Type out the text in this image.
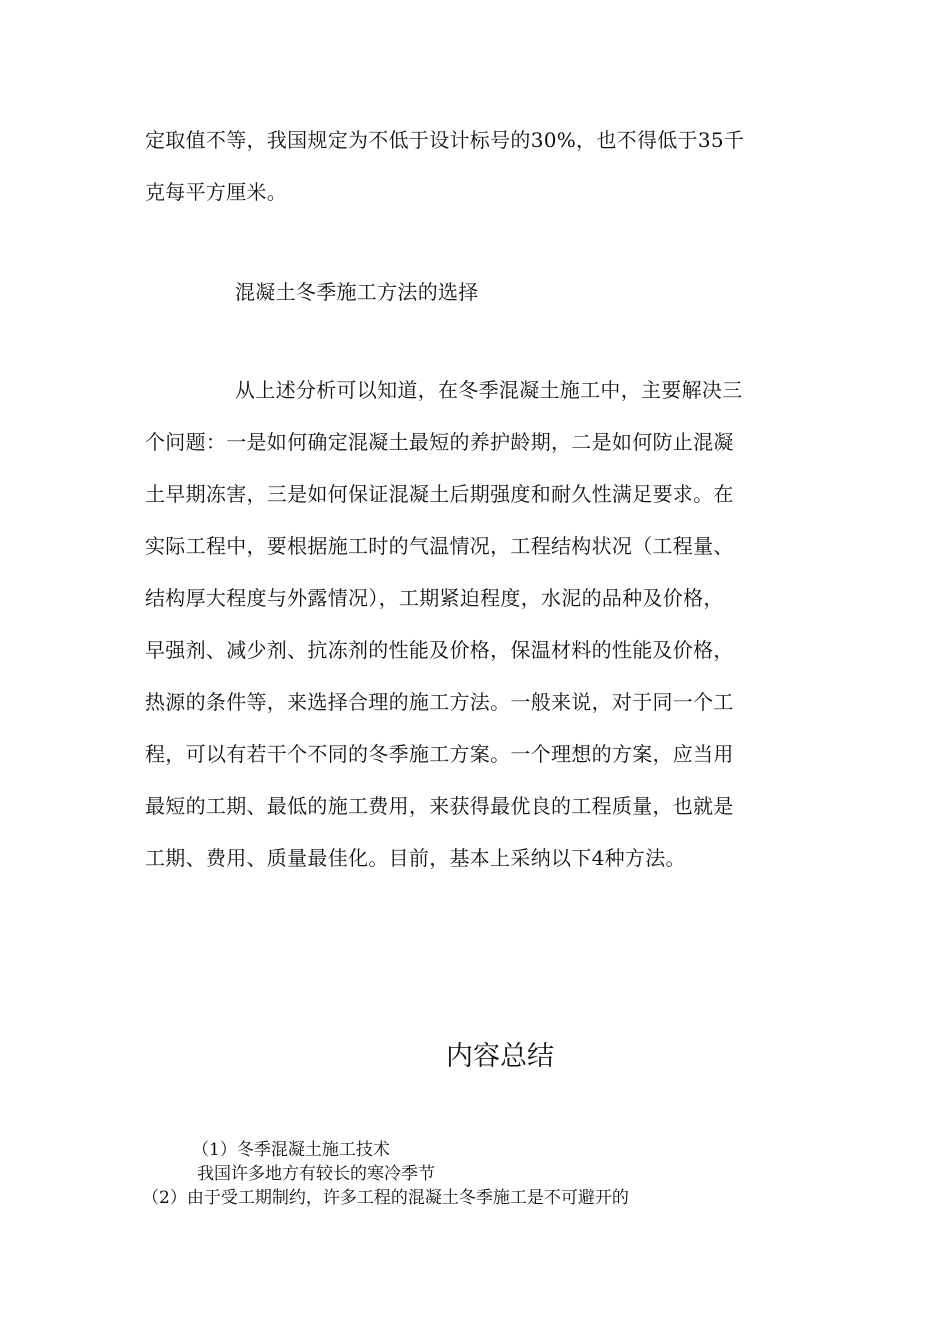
定取值不等，我国规定为不低于设计标号的30%，也不得低于35千
克每平方厘米。
混凝土冬季施工方法的选择
从上述分析可以知道，在冬季混凝土施工中，主要解决三
个问题：一是如何确定混凝土最短的养护龄期，二是如何防止混凝
土早期冻害，三是如何保证混凝土后期强度和耐久性满足要求。在
实际工程中，要根据施工时的气温情况，工程结构状况（工程量、
结构厚大程度与外露情况），工期紧迫程度，水泥的品种及价格，
早强剂、减少剂、抗冻剂的性能及价格，保温材料的性能及价格，
热源的条件等，来选择合理的施工方法。一般来说，对于同一个工
程，可以有若干个不同的冬季施工方案。一个理想的方案，应当用
最短的工期、最低的施工费用，来获得最优良的工程质量，也就是
工期、费用、质量最佳化。目前，基本上采纳以下4种方法。
内容总结
（1）冬季混凝土施工技术
我国许多地方有较长的寒冷季节
（2）由于受工期制约，许多工程的混凝土冬季施工是不可避开的
